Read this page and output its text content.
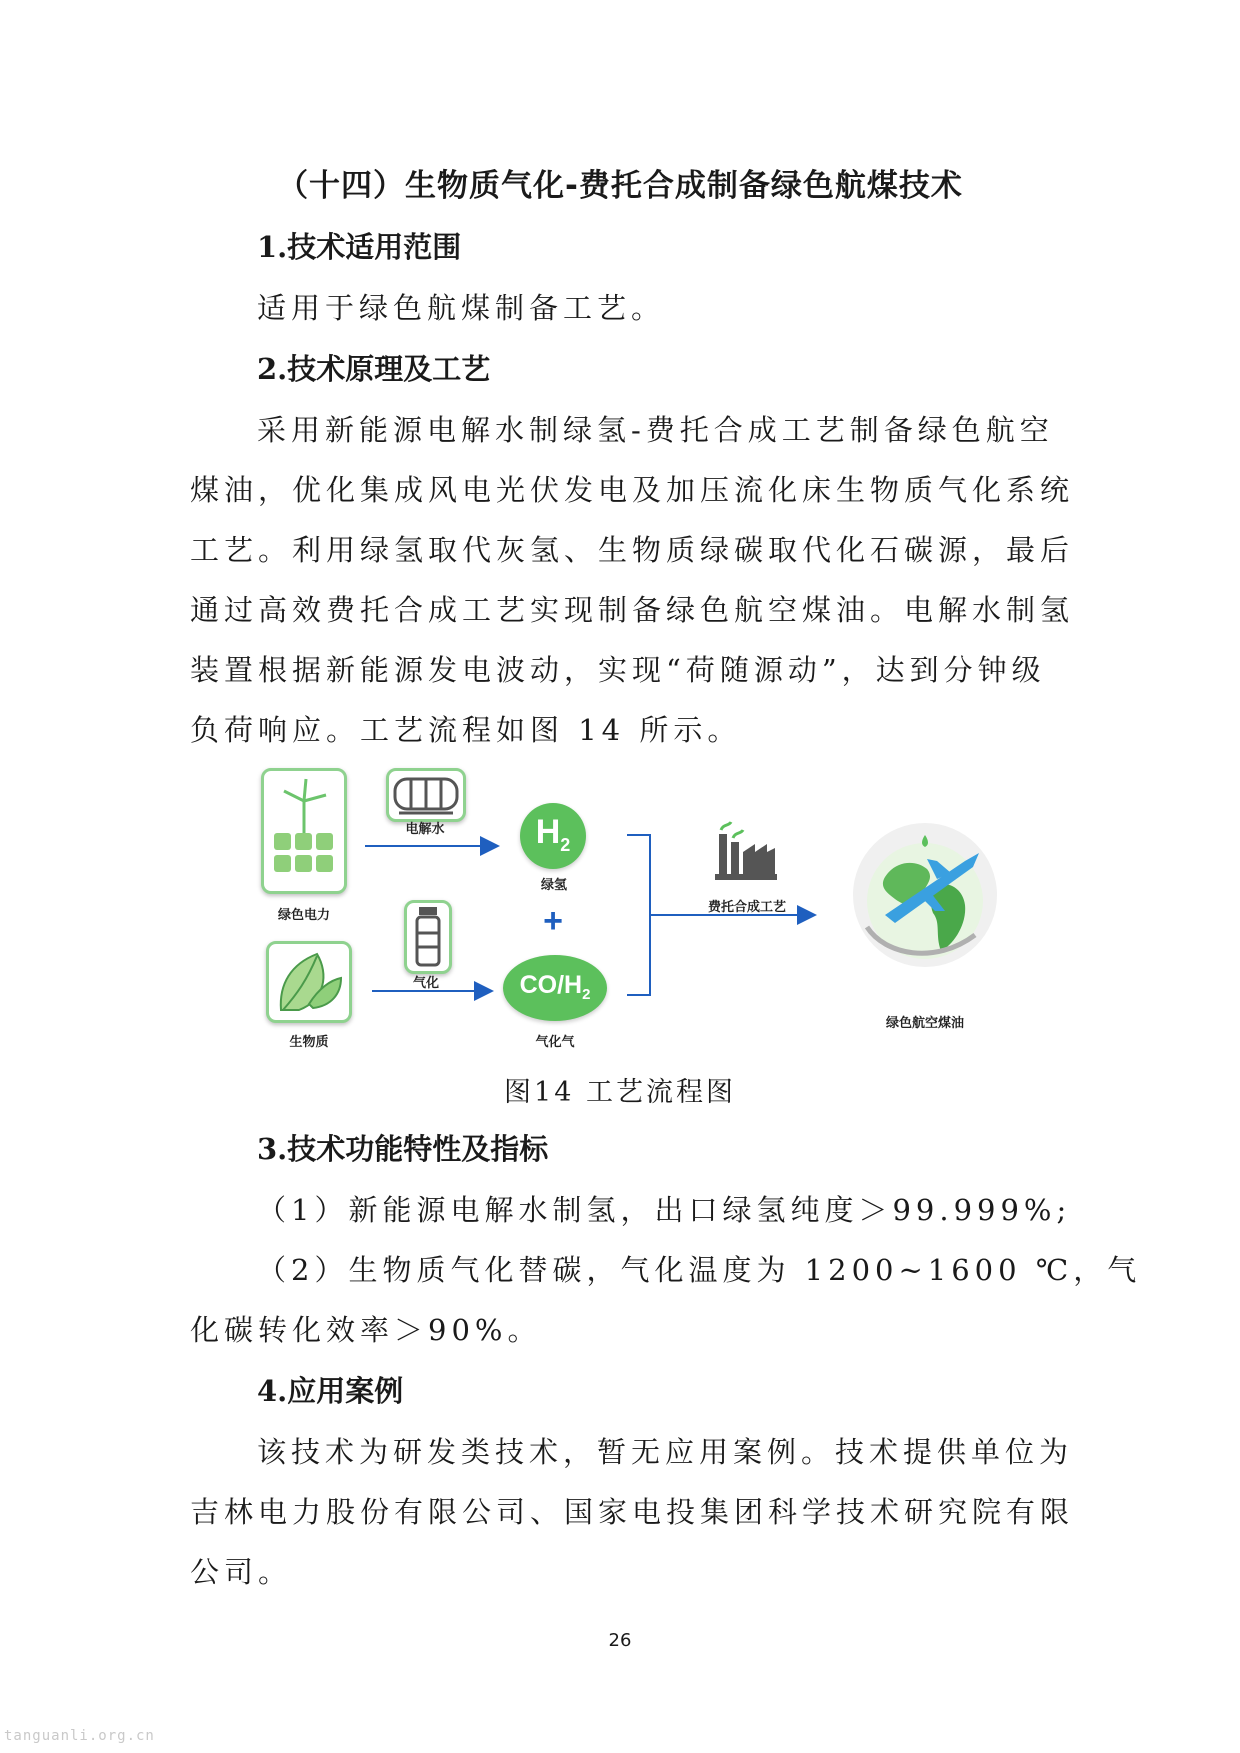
（十四）生物质气化-费托合成制备绿色航煤技术
1.技术适用范围
适用于绿色航煤制备工艺。
2.技术原理及工艺
采用新能源电解水制绿氢-费托合成工艺制备绿色航空
煤油，优化集成风电光伏发电及加压流化床生物质气化系统
工艺。利用绿氢取代灰氢、生物质绿碳取代化石碳源，最后
通过高效费托合成工艺实现制备绿色航空煤油。电解水制氢
装置根据新能源发电波动，实现“荷随源动”，达到分钟级
负荷响应。工艺流程如图 14 所示。
绿色电力
生物质
电解水
气化
$H_2$
绿氢
+
$CO/H_2$
气化气
费托合成工艺
绿色航空煤油
图14 工艺流程图
3.技术功能特性及指标
（1）新能源电解水制氢，出口绿氢纯度＞99.999%;
（2）生物质气化替碳，气化温度为 1200~1600 ℃，气
化碳转化效率＞90%。
4.应用案例
该技术为研发类技术，暂无应用案例。技术提供单位为
吉林电力股份有限公司、国家电投集团科学技术研究院有限
公司。
26
tanguanli.org.cn
